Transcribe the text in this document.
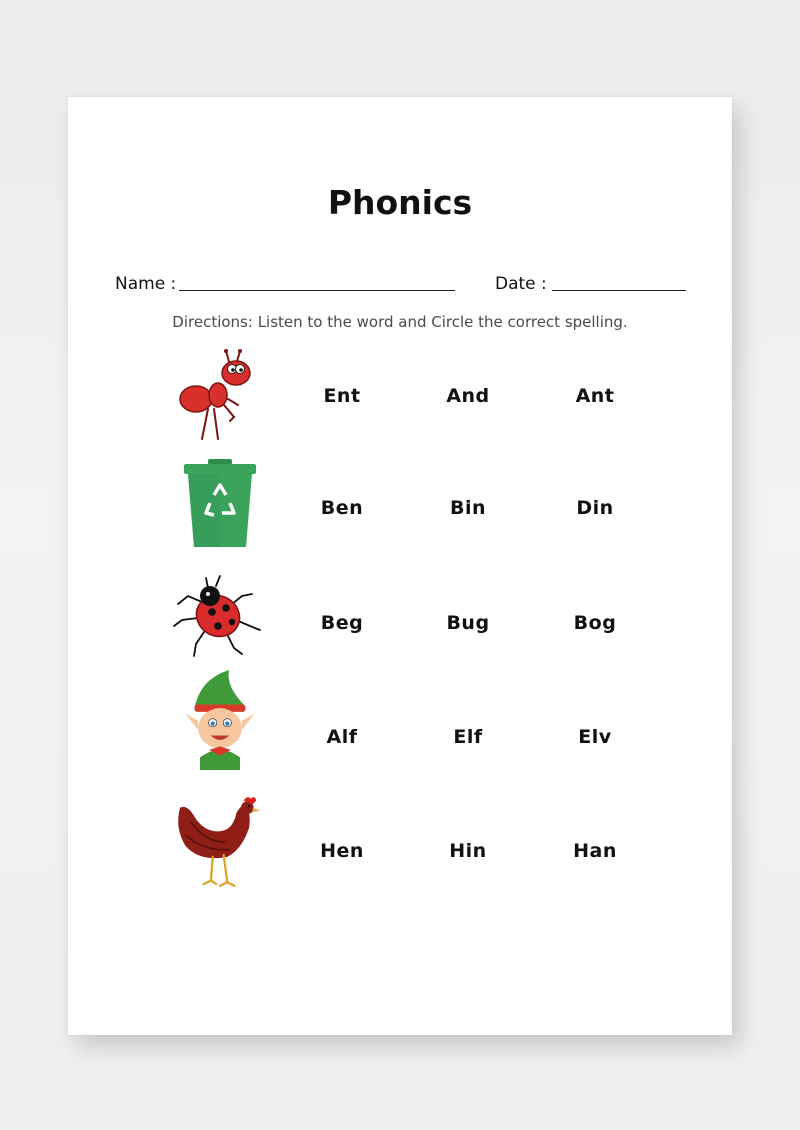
Phonics
Name :	Date :
Directions: Listen to the word and Circle the correct spelling.
Ent	And	Ant
Ben	Bin	Din
Beg	Bug	Bog
Alf	Elf	Elv
Hen	Hin	Han
